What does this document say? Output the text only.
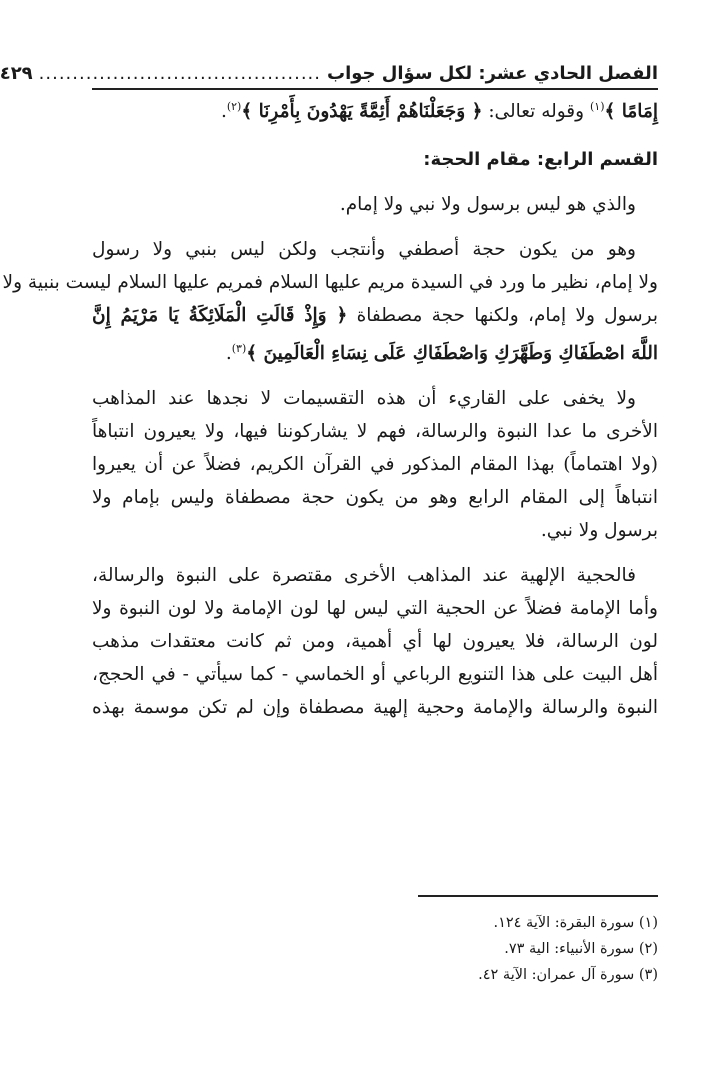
الفصل الحادي عشر: لكل سؤال جواب
..........................................
٤٢٩
إِمَامًا ﴾$^{(١)}$ وقوله تعالى: ﴿ وَجَعَلْنَاهُمْ أَئِمَّةً يَهْدُونَ بِأَمْرِنَا ﴾$^{(٢)}$.
القسم الرابع: مقام الحجة:
والذي هو ليس برسول ولا نبي ولا إمام.
وهو من يكون حجة أصطفي وأنتجب ولكن ليس بنبي ولا رسول
ولا إمام، نظير ما ورد في السيدة مريم عليها السلام فمريم عليها السلام ليست بنبية ولا
برسول ولا إمام، ولكنها حجة مصطفاة ﴿ وَإِذْ قَالَتِ الْمَلَائِكَةُ يَا مَرْيَمُ إِنَّ
اللَّهَ اصْطَفَاكِ وَطَهَّرَكِ وَاصْطَفَاكِ عَلَى نِسَاءِ الْعَالَمِينَ ﴾$^{(٣)}$.
ولا يخفى على القاريء أن هذه التقسيمات لا نجدها عند المذاهب
الأخرى ما عدا النبوة والرسالة، فهم لا يشاركوننا فيها، ولا يعيرون انتباهاً
(ولا اهتماماً) بهذا المقام المذكور في القرآن الكريم، فضلاً عن أن يعيروا
انتباهاً إلى المقام الرابع وهو من يكون حجة مصطفاة وليس بإمام ولا
برسول ولا نبي.
فالحجية الإلهية عند المذاهب الأخرى مقتصرة على النبوة والرسالة،
وأما الإمامة فضلاً عن الحجية التي ليس لها لون الإمامة ولا لون النبوة ولا
لون الرسالة، فلا يعيرون لها أي أهمية، ومن ثم كانت معتقدات مذهب
أهل البيت على هذا التنويع الرباعي أو الخماسي - كما سيأتي - في الحجج،
النبوة والرسالة والإمامة وحجية إلهية مصطفاة وإن لم تكن موسمة بهذه
(١) سورة البقرة: الآية ١٢٤.
(٢) سورة الأنبياء: الية ٧٣.
(٣) سورة آل عمران: الآية ٤٢.
